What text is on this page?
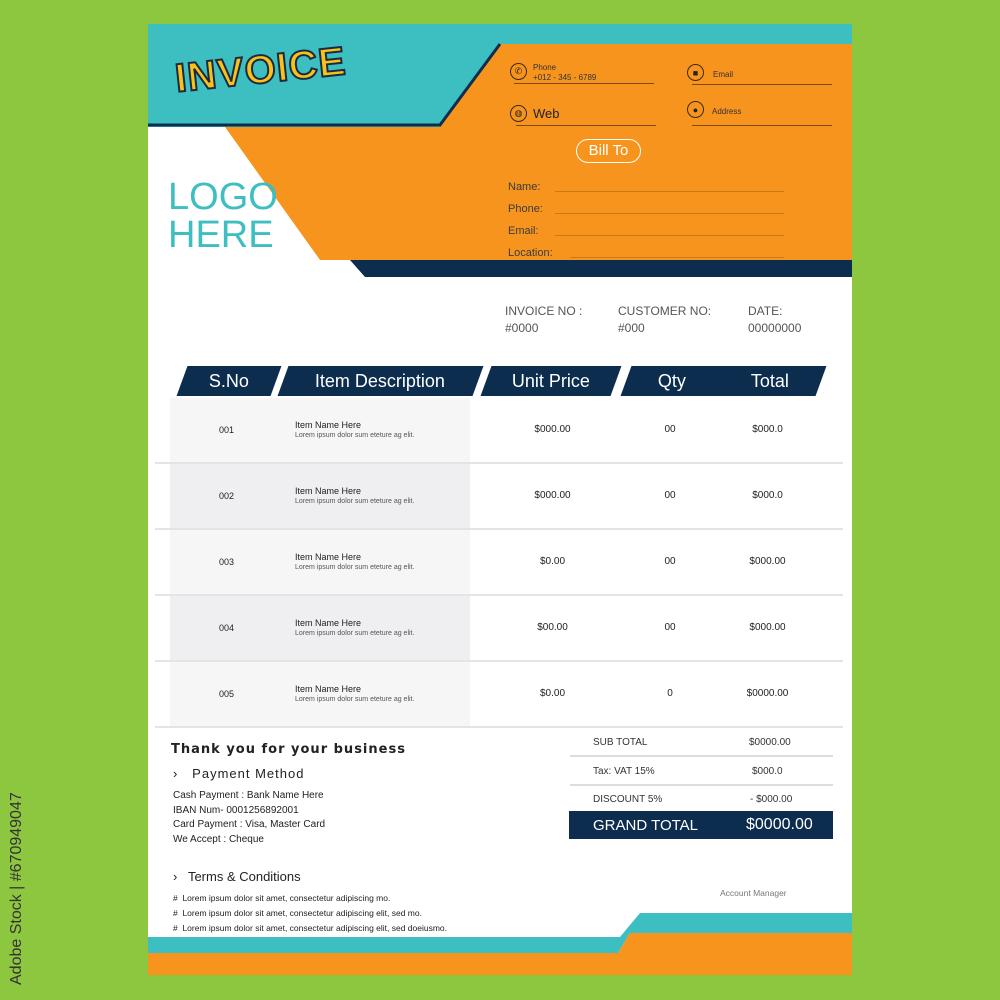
INVOICE
LOGO
HERE
✆	Phone
+012 - 345 - 6789	■	Email
◍ Web	●	Address
Bill To
Name:
Phone:
Email:
Location:
INVOICE NO :
#0000
CUSTOMER NO:
#000
DATE:
00000000
S.No	Item Description	Unit Price	Qty	Total
001	Item Name Here
Lorem ipsum dolor sum eteture ag elit.
$000.00	00	$000.0
002	Item Name Here
Lorem ipsum dolor sum eteture ag elit.
$000.00	00	$000.0
003	Item Name Here
Lorem ipsum dolor sum eteture ag elit.
$0.00	00	$000.00
004	Item Name Here
Lorem ipsum dolor sum eteture ag elit.
$00.00	00	$000.00
005	Item Name Here
Lorem ipsum dolor sum eteture ag elit.
$0.00	0	$0000.00
Thank you for your business
›   Payment Method
Cash Payment : Bank Name Here
IBAN Num- 0001256892001
Card Payment : Visa, Master Card
We Accept : Cheque
›   Terms & Conditions
#  Lorem ipsum dolor sit amet, consectetur adipiscing mo.
#  Lorem ipsum dolor sit amet, consectetur adipiscing elit, sed mo.
#  Lorem ipsum dolor sit amet, consectetur adipiscing elit, sed doeiusmo.
Account Manager
SUB TOTAL	$0000.00
Tax: VAT 15%	$000.0
DISCOUNT 5%	- $000.00
GRAND TOTAL	$0000.00
Adobe Stock | #670949047
